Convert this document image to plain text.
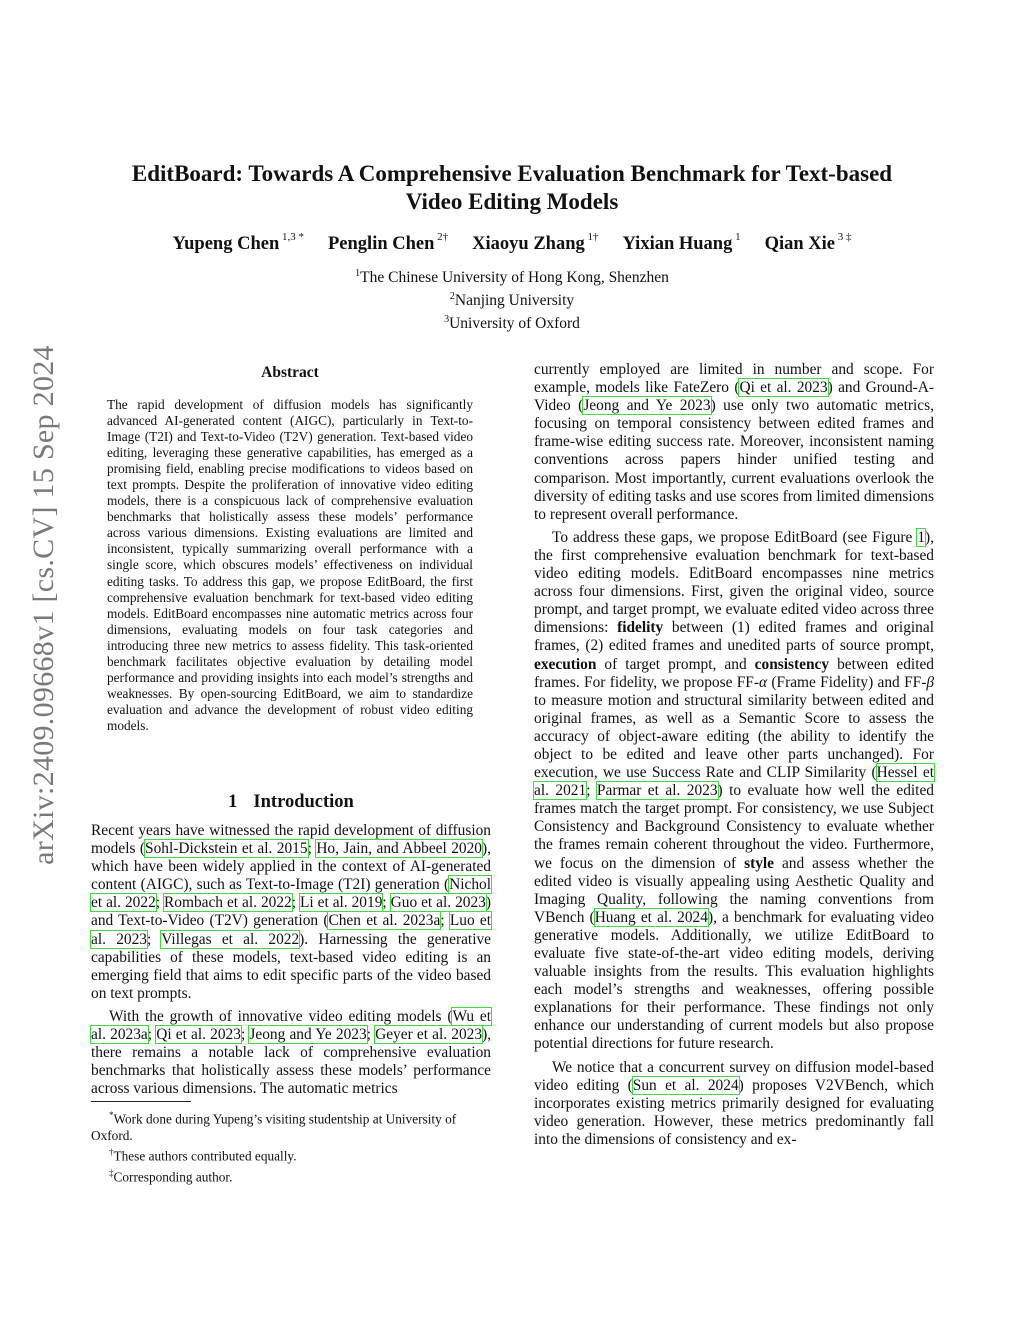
arXiv:2409.09668v1 [cs.CV] 15 Sep 2024
EditBoard: Towards A Comprehensive Evaluation Benchmark for Text-based
Video Editing Models
Yupeng Chen $^{1,3 *}$ Penglin Chen $^{2\dagger}$ Xiaoyu Zhang $^{1\dagger}$ Yixian Huang $^1$ Qian Xie $^{3 \ddagger}$
$^1$The Chinese University of Hong Kong, Shenzhen
$^2$Nanjing University
$^3$University of Oxford
Abstract

The rapid development of diffusion models has significantly advanced AI-generated content (AIGC), particularly in Text-to-Image (T2I) and Text-to-Video (T2V) generation. Text-based video editing, leveraging these generative capabilities, has emerged as a promising field, enabling precise modifications to videos based on text prompts. Despite the proliferation of innovative video editing models, there is a conspicuous lack of comprehensive evaluation benchmarks that holistically assess these models’ performance across various dimensions. Existing evaluations are limited and inconsistent, typically summarizing overall performance with a single score, which obscures models’ effectiveness on individual editing tasks. To address this gap, we propose EditBoard, the first comprehensive evaluation benchmark for text-based video editing models. EditBoard encompasses nine automatic metrics across four dimensions, evaluating models on four task categories and introducing three new metrics to assess fidelity. This task-oriented benchmark facilitates objective evaluation by detailing model performance and providing insights into each model’s strengths and weaknesses. By open-sourcing EditBoard, we aim to standardize evaluation and advance the development of robust video editing models.

1 Introduction

Recent years have witnessed the rapid development of diffusion models (Sohl-Dickstein et al. 2015; Ho, Jain, and Abbeel 2020), which have been widely applied in the context of AI-generated content (AIGC), such as Text-to-Image (T2I) generation (Nichol et al. 2022; Rombach et al. 2022; Li et al. 2019; Guo et al. 2023) and Text-to-Video (T2V) generation (Chen et al. 2023a; Luo et al. 2023; Villegas et al. 2022). Harnessing the generative capabilities of these models, text-based video editing is an emerging field that aims to edit specific parts of the video based on text prompts.

With the growth of innovative video editing models (Wu et al. 2023a; Qi et al. 2023; Jeong and Ye 2023; Geyer et al. 2023), there remains a notable lack of comprehensive evaluation benchmarks that holistically assess these models’ performance across various dimensions. The automatic metrics

*Work done during Yupeng’s visiting studentship at University of Oxford.
†These authors contributed equally.
‡Corresponding author.

currently employed are limited in number and scope. For example, models like FateZero (Qi et al. 2023) and Ground-A-Video (Jeong and Ye 2023) use only two automatic metrics, focusing on temporal consistency between edited frames and frame-wise editing success rate. Moreover, inconsistent naming conventions across papers hinder unified testing and comparison. Most importantly, current evaluations overlook the diversity of editing tasks and use scores from limited dimensions to represent overall performance.

To address these gaps, we propose EditBoard (see Figure 1), the first comprehensive evaluation benchmark for text-based video editing models. EditBoard encompasses nine metrics across four dimensions. First, given the original video, source prompt, and target prompt, we evaluate edited video across three dimensions: fidelity between (1) edited frames and original frames, (2) edited frames and unedited parts of source prompt, execution of target prompt, and consistency between edited frames. For fidelity, we propose FF-α (Frame Fidelity) and FF-β to measure motion and structural similarity between edited and original frames, as well as a Semantic Score to assess the accuracy of object-aware editing (the ability to identify the object to be edited and leave other parts unchanged). For execution, we use Success Rate and CLIP Similarity (Hessel et al. 2021; Parmar et al. 2023) to evaluate how well the edited frames match the target prompt. For consistency, we use Subject Consistency and Background Consistency to evaluate whether the frames remain coherent throughout the video. Furthermore, we focus on the dimension of style and assess whether the edited video is visually appealing using Aesthetic Quality and Imaging Quality, following the naming conventions from VBench (Huang et al. 2024), a benchmark for evaluating video generative models. Additionally, we utilize EditBoard to evaluate five state-of-the-art video editing models, deriving valuable insights from the results. This evaluation highlights each model’s strengths and weaknesses, offering possible explanations for their performance. These findings not only enhance our understanding of current models but also propose potential directions for future research.

We notice that a concurrent survey on diffusion model-based video editing (Sun et al. 2024) proposes V2VBench, which incorporates existing metrics primarily designed for evaluating video generation. However, these metrics predominantly fall into the dimensions of consistency and ex-
